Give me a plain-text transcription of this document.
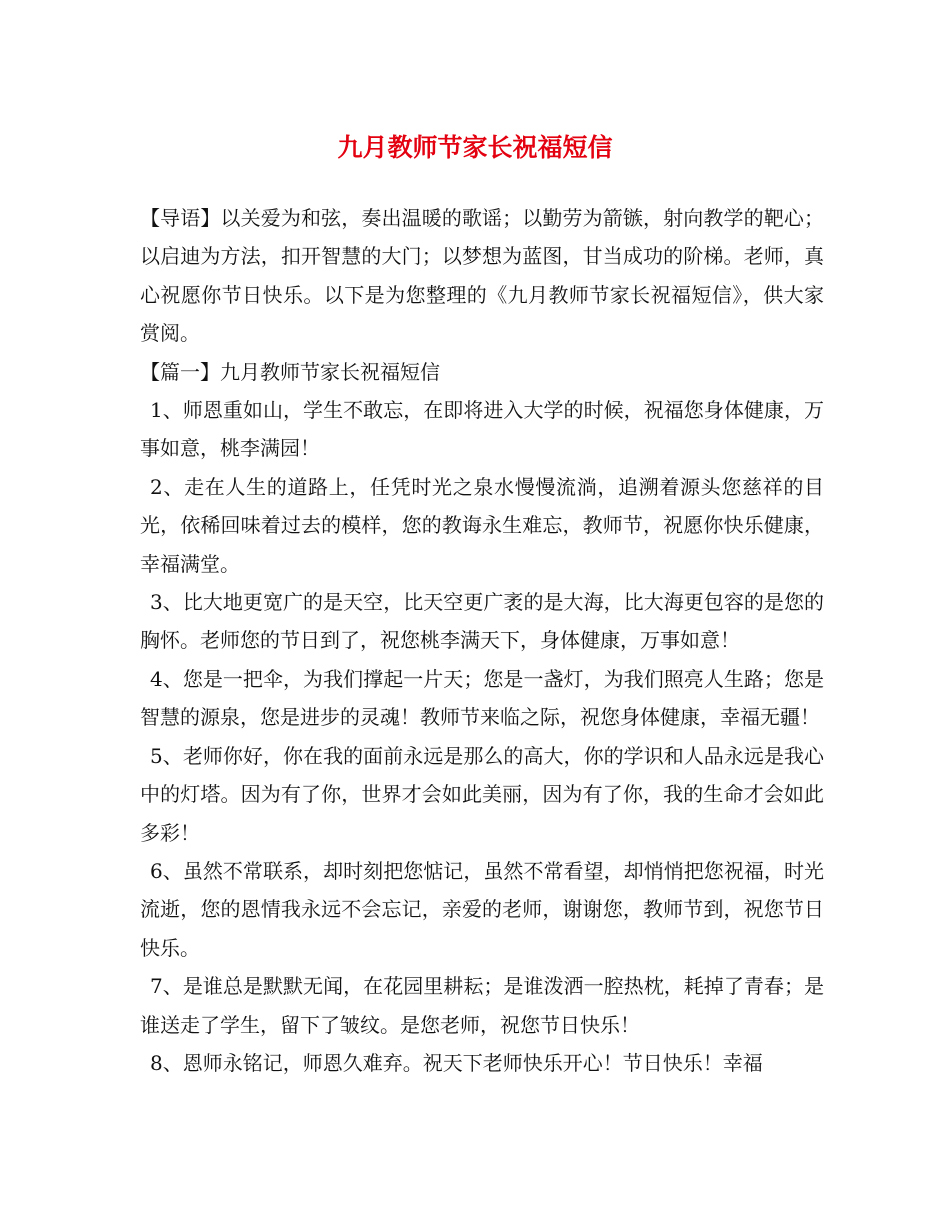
九月教师节家长祝福短信

【导语】以关爱为和弦，奏出温暖的歌谣；以勤劳为箭镞，射向教学的靶心；以启迪为方法，扣开智慧的大门；以梦想为蓝图，甘当成功的阶梯。老师，真心祝愿你节日快乐。以下是为您整理的《九月教师节家长祝福短信》，供大家赏阅。

【篇一】九月教师节家长祝福短信

1、师恩重如山，学生不敢忘，在即将进入大学的时候，祝福您身体健康，万事如意，桃李满园！

2、走在人生的道路上，任凭时光之泉水慢慢流淌，追溯着源头您慈祥的目光，依稀回味着过去的模样，您的教诲永生难忘，教师节，祝愿你快乐健康，幸福满堂。

3、比大地更宽广的是天空，比天空更广袤的是大海，比大海更包容的是您的胸怀。老师您的节日到了，祝您桃李满天下，身体健康，万事如意！

4、您是一把伞，为我们撑起一片天；您是一盏灯，为我们照亮人生路；您是智慧的源泉，您是进步的灵魂！教师节来临之际，祝您身体健康，幸福无疆！

5、老师你好，你在我的面前永远是那么的高大，你的学识和人品永远是我心中的灯塔。因为有了你，世界才会如此美丽，因为有了你，我的生命才会如此多彩！

6、虽然不常联系，却时刻把您惦记，虽然不常看望，却悄悄把您祝福，时光流逝，您的恩情我永远不会忘记，亲爱的老师，谢谢您，教师节到，祝您节日快乐。

7、是谁总是默默无闻，在花园里耕耘；是谁泼洒一腔热枕，耗掉了青春；是谁送走了学生，留下了皱纹。是您老师，祝您节日快乐！

8、恩师永铭记，师恩久难弃。祝天下老师快乐开心！节日快乐！幸福
